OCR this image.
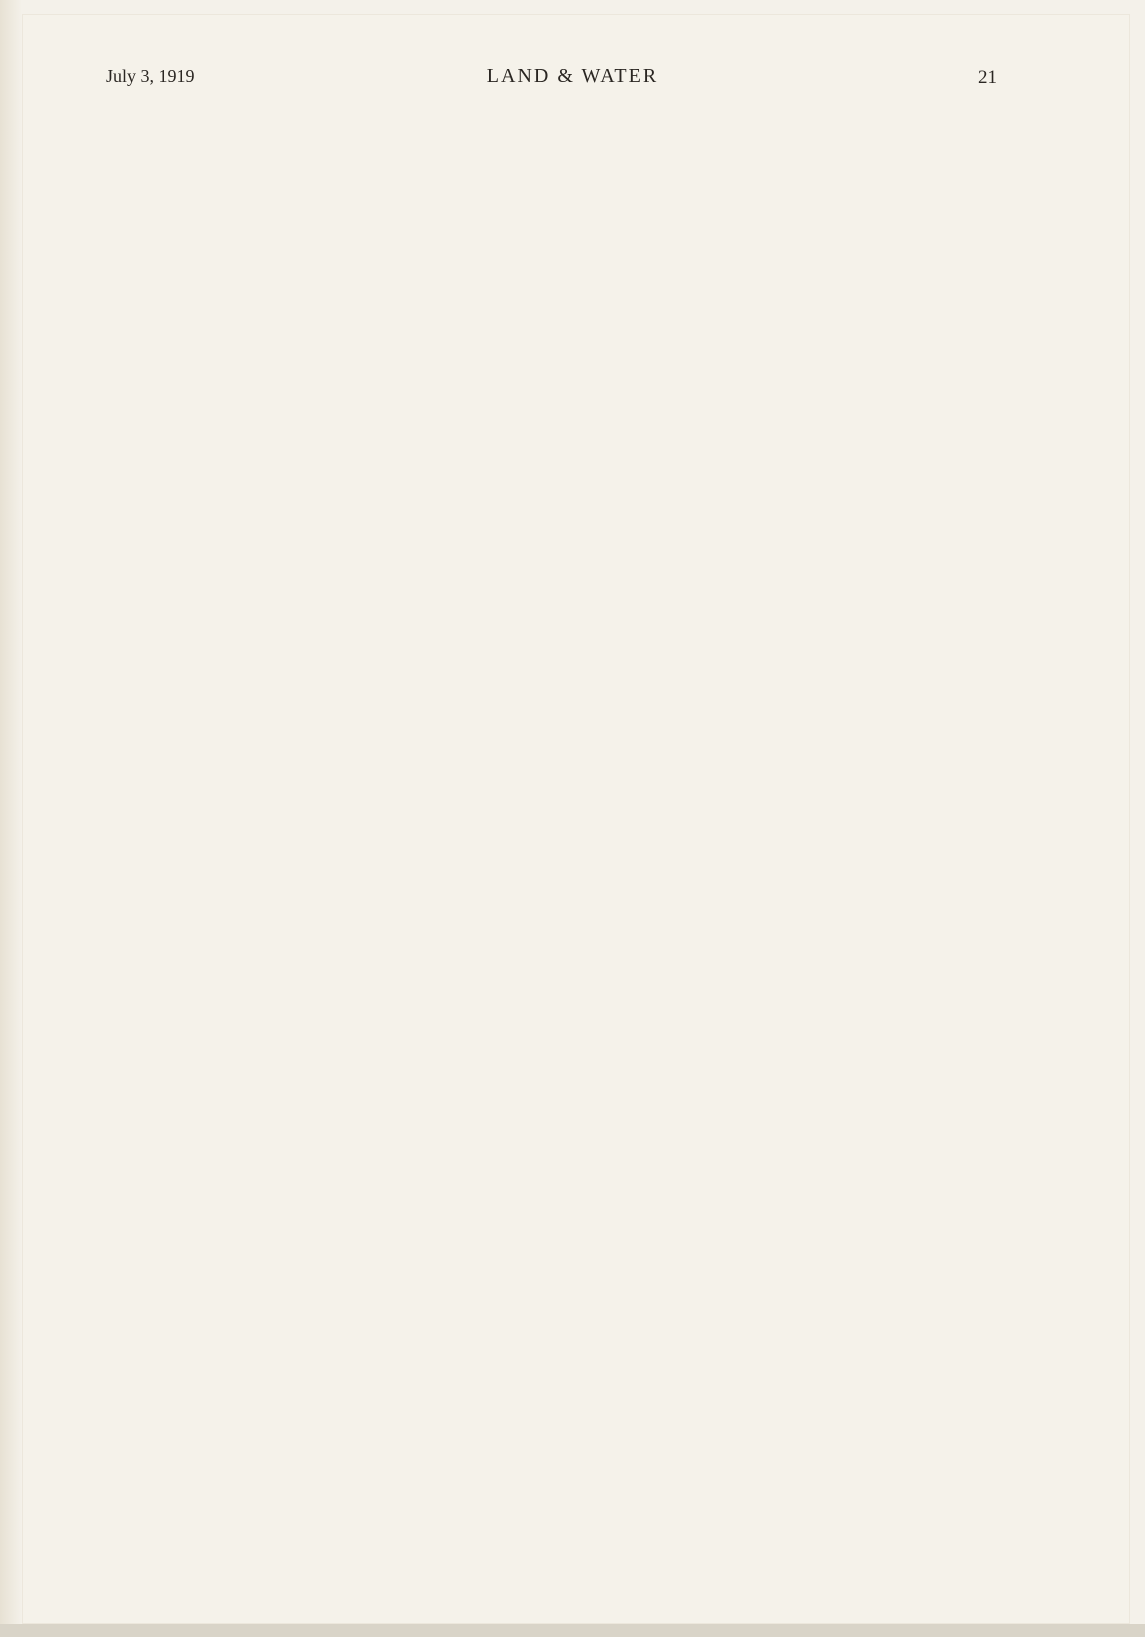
July 3, 1919	LAND & WATER	21
